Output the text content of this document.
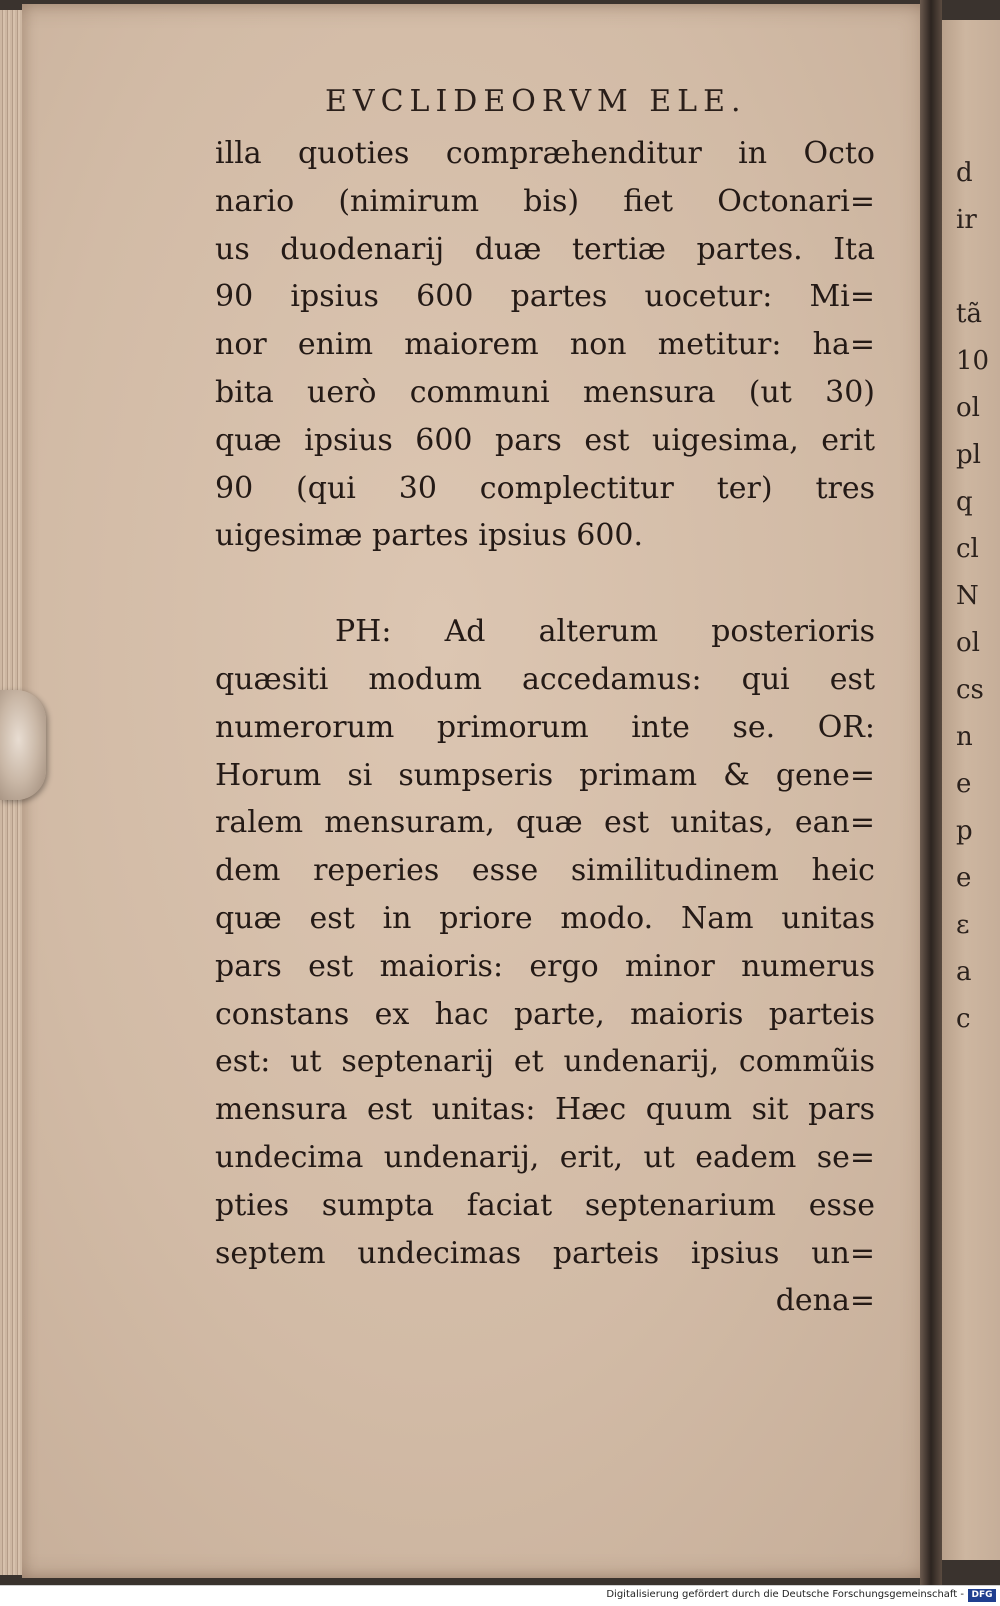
d
ir

tã
10
ol
pl
q
cl
N
ol
cs
n
e
p
e
ε
a
c
EVCLIDEORVM ELE.
illa quoties compræhenditur in Octo
nario (nimirum bis) fiet Octonari=
us duodenarij duæ tertiæ partes. Ita
90 ipsius 600 partes uocetur: Mi=
nor enim maiorem non metitur: ha=
bita uerò communi mensura (ut 30)
quæ ipsius 600 pars est uigesima, erit
90 (qui 30 complectitur ter) tres
uigesimæ partes ipsius 600.
PH: Ad alterum posterioris
quæsiti modum accedamus: qui est
numerorum primorum inte se. OR:
Horum si sumpseris primam & gene=
ralem mensuram, quæ est unitas, ean=
dem reperies esse similitudinem heic
quæ est in priore modo. Nam unitas
pars est maioris: ergo minor numerus
constans ex hac parte, maioris parteis
est: ut septenarij et undenarij, commũis
mensura est unitas: Hæc quum sit pars
undecima undenarij, erit, ut eadem se=
pties sumpta faciat septenarium esse
septem undecimas parteis ipsius un=
dena=
Digitalisierung gefördert durch die Deutsche Forschungsgemeinschaft - DFG
